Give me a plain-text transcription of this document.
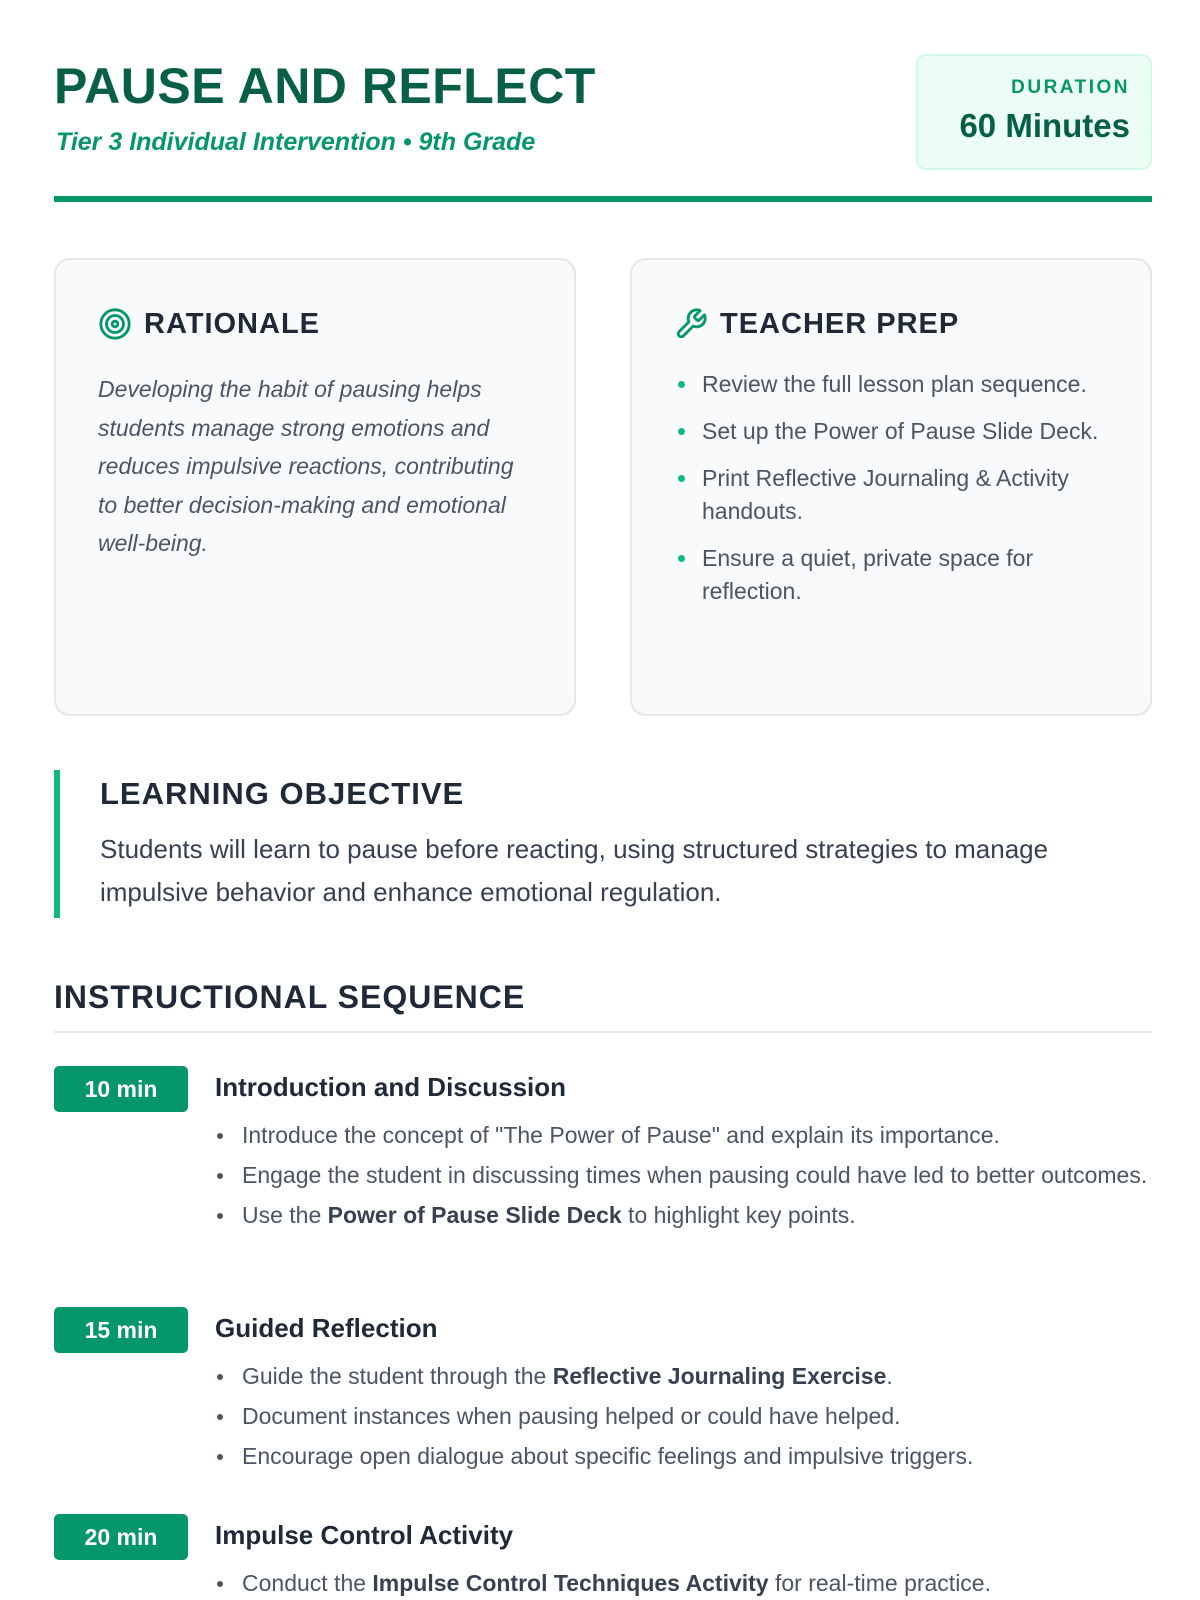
PAUSE AND REFLECT
Tier 3 Individual Intervention • 9th Grade
DURATION
60 Minutes
RATIONALE

Developing the habit of pausing helps students manage strong emotions and reduces impulsive reactions, contributing to better decision-making and emotional well-being.

TEACHER PREP
Review the full lesson plan sequence.
Set up the Power of Pause Slide Deck.
Print Reflective Journaling & Activity handouts.
Ensure a quiet, private space for reflection.
LEARNING OBJECTIVE

Students will learn to pause before reacting, using structured strategies to manage impulsive behavior and enhance emotional regulation.

INSTRUCTIONAL SEQUENCE
10 min	Introduction and Discussion
Introduce the concept of "The Power of Pause" and explain its importance.
Engage the student in discussing times when pausing could have led to better outcomes.
Use the Power of Pause Slide Deck to highlight key points.
15 min	Guided Reflection
Guide the student through the Reflective Journaling Exercise.
Document instances when pausing helped or could have helped.
Encourage open dialogue about specific feelings and impulsive triggers.
20 min	Impulse Control Activity
Conduct the Impulse Control Techniques Activity for real-time practice.
